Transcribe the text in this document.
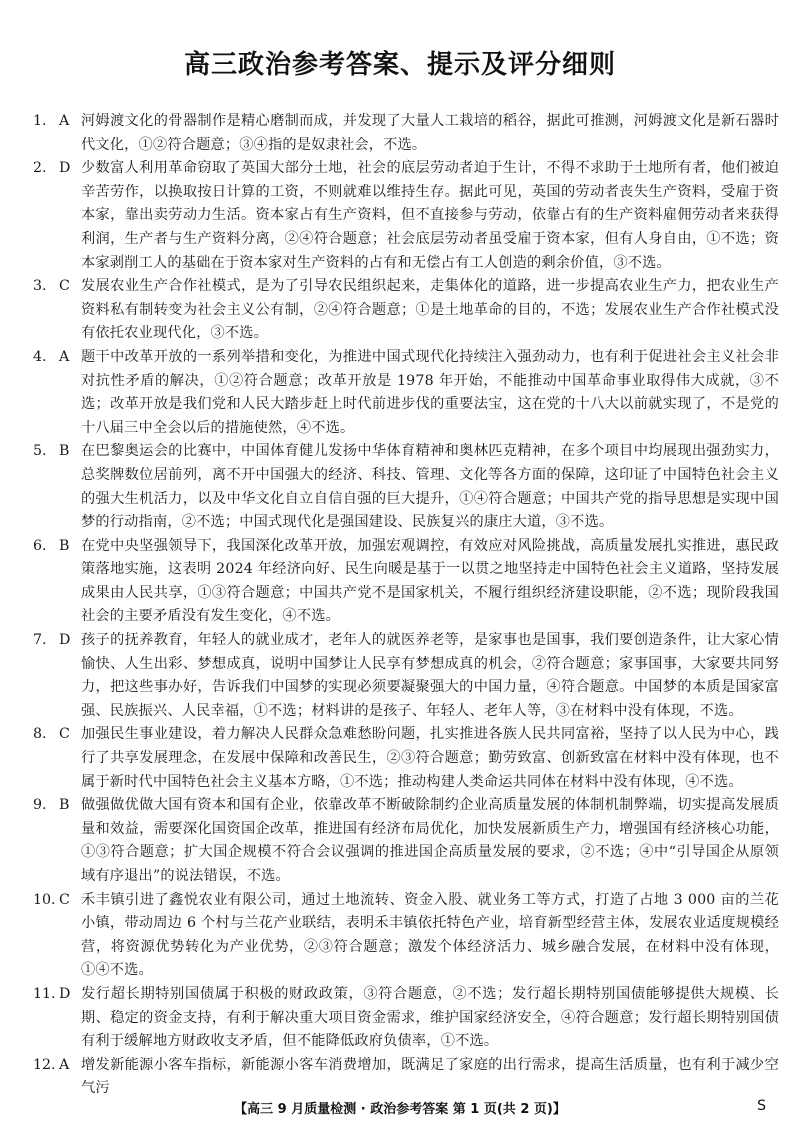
高三政治参考答案、提示及评分细则
1. A 河姆渡文化的骨器制作是精心磨制而成，并发现了大量人工栽培的稻谷，据此可推测，河姆渡文化是新石器时代文化，①②符合题意；③④指的是奴隶社会，不选。
2. D 少数富人利用革命窃取了英国大部分土地，社会的底层劳动者迫于生计，不得不求助于土地所有者，他们被迫辛苦劳作，以换取按日计算的工资，不则就难以维持生存。据此可见，英国的劳动者丧失生产资料，受雇于资本家，靠出卖劳动力生活。资本家占有生产资料，但不直接参与劳动，依靠占有的生产资料雇佣劳动者来获得利润，生产者与生产资料分离，②④符合题意；社会底层劳动者虽受雇于资本家，但有人身自由，①不选；资本家剥削工人的基础在于资本家对生产资料的占有和无偿占有工人创造的剩余价值，③不选。
3. C 发展农业生产合作社模式，是为了引导农民组织起来，走集体化的道路，进一步提高农业生产力，把农业生产资料私有制转变为社会主义公有制，②④符合题意；①是土地革命的目的，不选；发展农业生产合作社模式没有依托农业现代化，③不选。
4. A 题干中改革开放的一系列举措和变化，为推进中国式现代化持续注入强劲动力，也有利于促进社会主义社会非对抗性矛盾的解决，①②符合题意；改革开放是 1978 年开始，不能推动中国革命事业取得伟大成就，③不选；改革开放是我们党和人民大踏步赶上时代前进步伐的重要法宝，这在党的十八大以前就实现了，不是党的十八届三中全会以后的措施使然，④不选。
5. B 在巴黎奥运会的比赛中，中国体育健儿发扬中华体育精神和奥林匹克精神，在多个项目中均展现出强劲实力，总奖牌数位居前列，离不开中国强大的经济、科技、管理、文化等各方面的保障，这印证了中国特色社会主义的强大生机活力，以及中华文化自立自信自强的巨大提升，①④符合题意；中国共产党的指导思想是实现中国梦的行动指南，②不选；中国式现代化是强国建设、民族复兴的康庄大道，③不选。
6. B 在党中央坚强领导下，我国深化改革开放，加强宏观调控，有效应对风险挑战，高质量发展扎实推进，惠民政策落地实施，这表明 2024 年经济向好、民生向暖是基于一以贯之地坚持走中国特色社会主义道路，坚持发展成果由人民共享，①③符合题意；中国共产党不是国家机关，不履行组织经济建设职能，②不选；现阶段我国社会的主要矛盾没有发生变化，④不选。
7. D 孩子的抚养教育，年轻人的就业成才，老年人的就医养老等，是家事也是国事，我们要创造条件，让大家心情愉快、人生出彩、梦想成真，说明中国梦让人民享有梦想成真的机会，②符合题意；家事国事，大家要共同努力，把这些事办好，告诉我们中国梦的实现必须要凝聚强大的中国力量，④符合题意。中国梦的本质是国家富强、民族振兴、人民幸福，①不选；材料讲的是孩子、年轻人、老年人等，③在材料中没有体现，不选。
8. C 加强民生事业建设，着力解决人民群众急难愁盼问题，扎实推进各族人民共同富裕，坚持了以人民为中心，践行了共享发展理念，在发展中保障和改善民生，②③符合题意；勤劳致富、创新致富在材料中没有体现，也不属于新时代中国特色社会主义基本方略，①不选；推动构建人类命运共同体在材料中没有体现，④不选。
9. B 做强做优做大国有资本和国有企业，依靠改革不断破除制约企业高质量发展的体制机制弊端，切实提高发展质量和效益，需要深化国资国企改革，推进国有经济布局优化，加快发展新质生产力，增强国有经济核心功能，①③符合题意；扩大国企规模不符合会议强调的推进国企高质量发展的要求，②不选；④中“引导国企从原领域有序退出”的说法错误，不选。
10. C 禾丰镇引进了鑫悦农业有限公司，通过土地流转、资金入股、就业务工等方式，打造了占地 3 000 亩的兰花小镇，带动周边 6 个村与兰花产业联结，表明禾丰镇依托特色产业，培育新型经营主体，发展农业适度规模经营，将资源优势转化为产业优势，②③符合题意；激发个体经济活力、城乡融合发展，在材料中没有体现，①④不选。
11. D 发行超长期特别国债属于积极的财政政策，③符合题意，②不选；发行超长期特别国债能够提供大规模、长期、稳定的资金支持，有利于解决重大项目资金需求，维护国家经济安全，④符合题意；发行超长期特别国债有利于缓解地方财政收支矛盾，但不能降低政府负债率，①不选。
12. A 增发新能源小客车指标，新能源小客车消费增加，既满足了家庭的出行需求，提高生活质量，也有利于减少空气污
【高三 9 月质量检测 · 政治参考答案 第 1 页(共 2 页)】	S
